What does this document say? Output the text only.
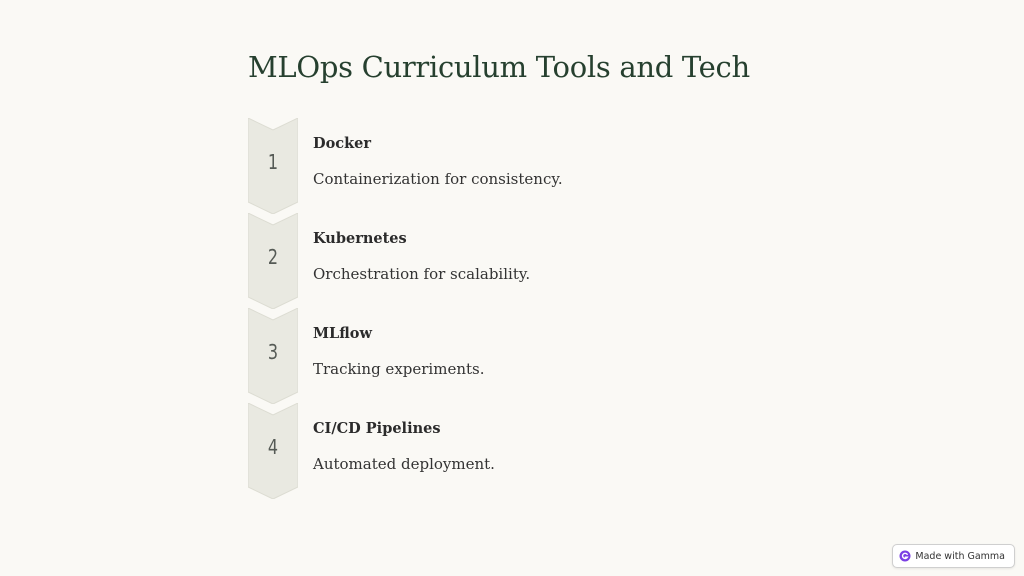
MLOps Curriculum Tools and Tech
1
Docker

Containerization for consistency.

2
Kubernetes

Orchestration for scalability.

3
MLflow

Tracking experiments.

4
CI/CD Pipelines

Automated deployment.

Made with Gamma
